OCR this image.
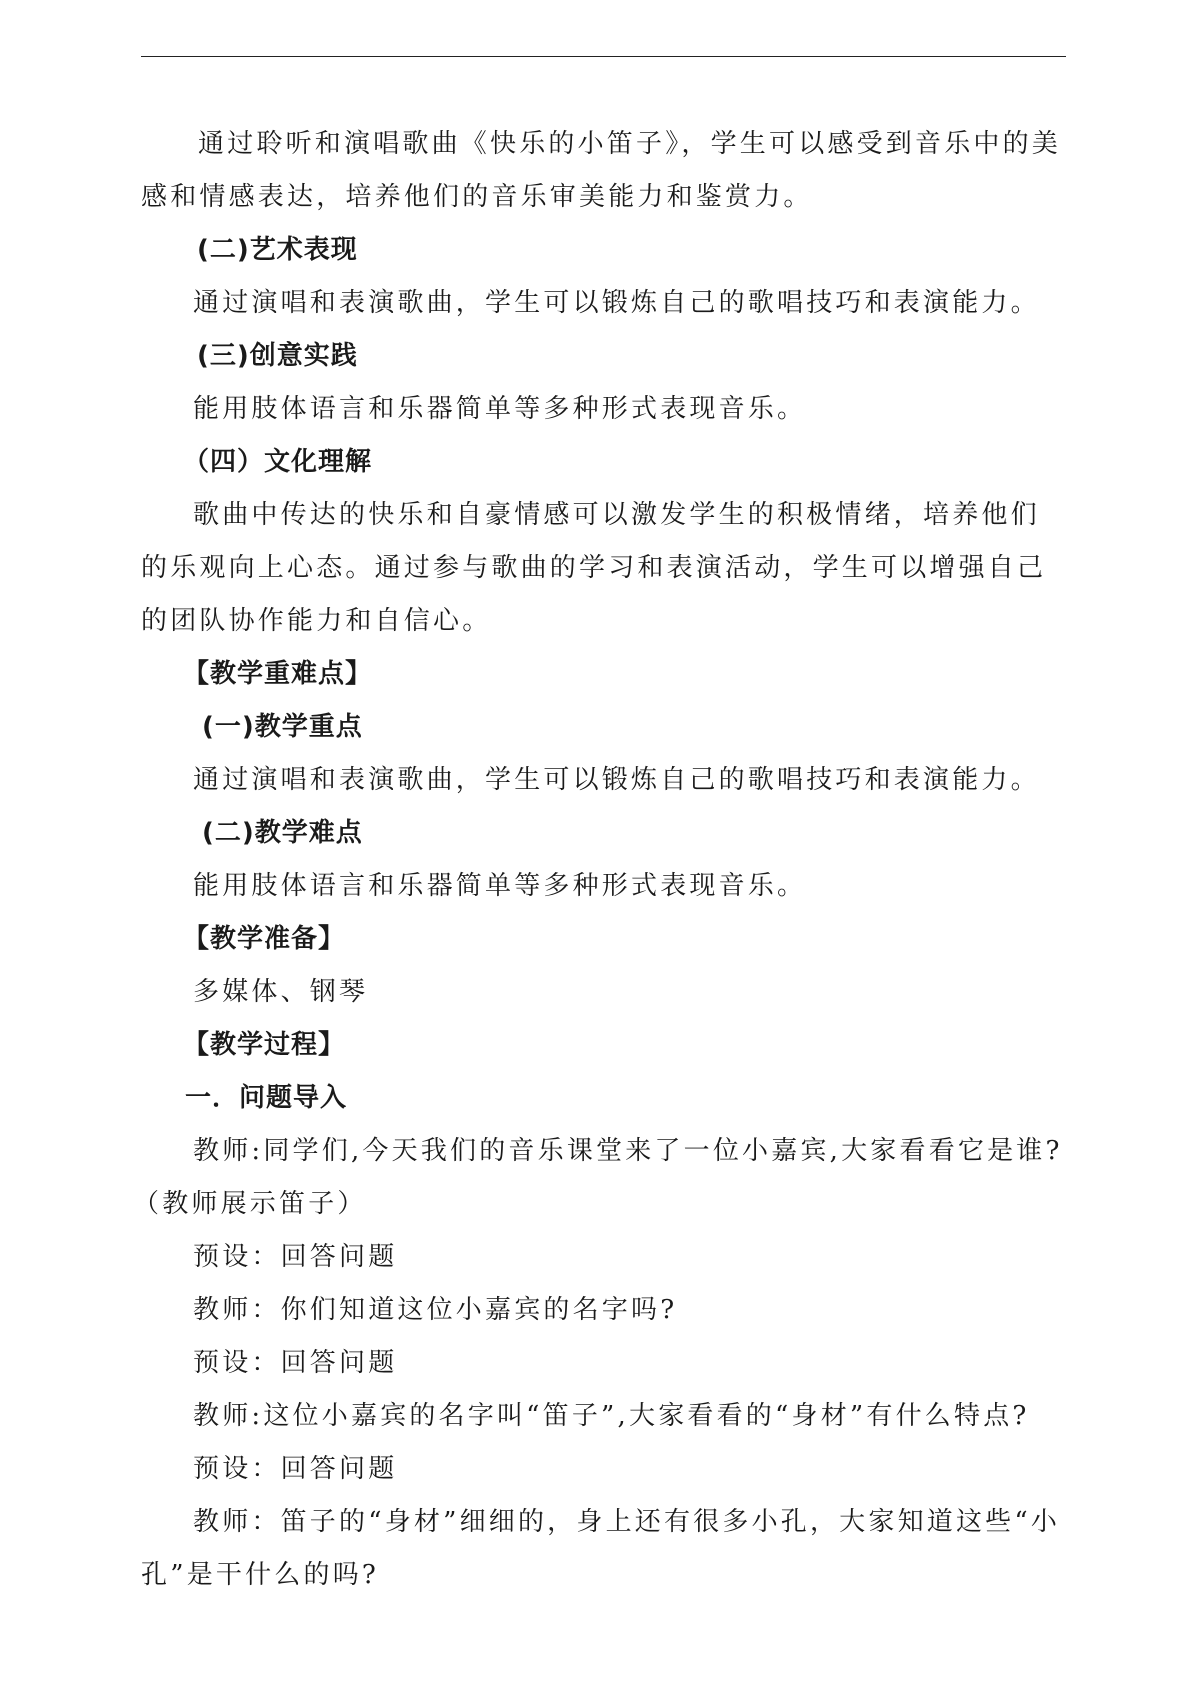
通过聆听和演唱歌曲《快乐的小笛子》，学生可以感受到音乐中的美感和情感表达，培养他们的音乐审美能力和鉴赏力。

(二)艺术表现

通过演唱和表演歌曲，学生可以锻炼自己的歌唱技巧和表演能力。

(三)创意实践

能用肢体语言和乐器简单等多种形式表现音乐。

（四）文化理解

歌曲中传达的快乐和自豪情感可以激发学生的积极情绪，培养他们的乐观向上心态。通过参与歌曲的学习和表演活动，学生可以增强自己的团队协作能力和自信心。

【教学重难点】

(一)教学重点

通过演唱和表演歌曲，学生可以锻炼自己的歌唱技巧和表演能力。

(二)教学难点

能用肢体语言和乐器简单等多种形式表现音乐。

【教学准备】

多媒体、钢琴

【教学过程】

一．问题导入

教师:同学们,今天我们的音乐课堂来了一位小嘉宾,大家看看它是谁?

（教师展示笛子）

预设：回答问题

教师：你们知道这位小嘉宾的名字吗?

预设：回答问题

教师:这位小嘉宾的名字叫“笛子”,大家看看的“身材”有什么特点?

预设：回答问题

教师：笛子的“身材”细细的，身上还有很多小孔，大家知道这些“小孔”是干什么的吗?
